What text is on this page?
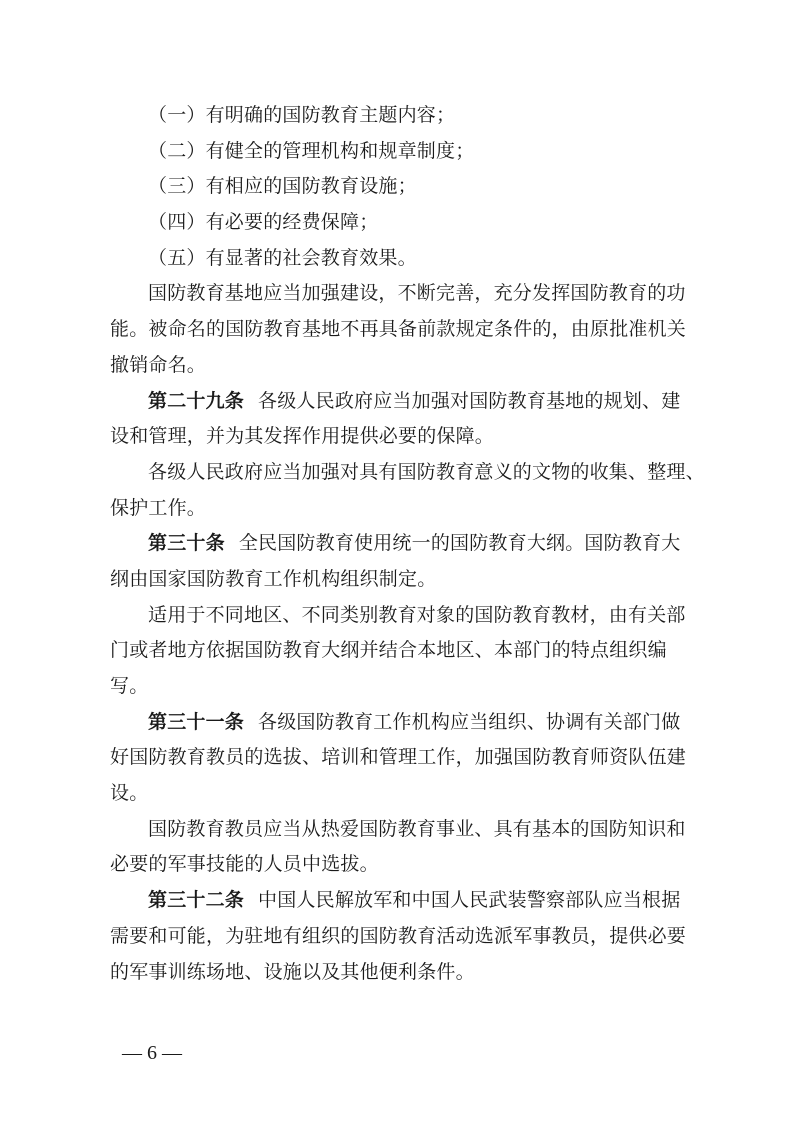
（一）有明确的国防教育主题内容；
（二）有健全的管理机构和规章制度；
（三）有相应的国防教育设施；
（四）有必要的经费保障；
（五）有显著的社会教育效果。
国防教育基地应当加强建设，不断完善，充分发挥国防教育的功
能。被命名的国防教育基地不再具备前款规定条件的，由原批准机关
撤销命名。
第二十九条 各级人民政府应当加强对国防教育基地的规划、建
设和管理，并为其发挥作用提供必要的保障。
各级人民政府应当加强对具有国防教育意义的文物的收集、整理、
保护工作。
第三十条 全民国防教育使用统一的国防教育大纲。国防教育大
纲由国家国防教育工作机构组织制定。
适用于不同地区、不同类别教育对象的国防教育教材，由有关部
门或者地方依据国防教育大纲并结合本地区、本部门的特点组织编
写。
第三十一条 各级国防教育工作机构应当组织、协调有关部门做
好国防教育教员的选拔、培训和管理工作，加强国防教育师资队伍建
设。
国防教育教员应当从热爱国防教育事业、具有基本的国防知识和
必要的军事技能的人员中选拔。
第三十二条 中国人民解放军和中国人民武装警察部队应当根据
需要和可能，为驻地有组织的国防教育活动选派军事教员，提供必要
的军事训练场地、设施以及其他便利条件。
— 6 —
